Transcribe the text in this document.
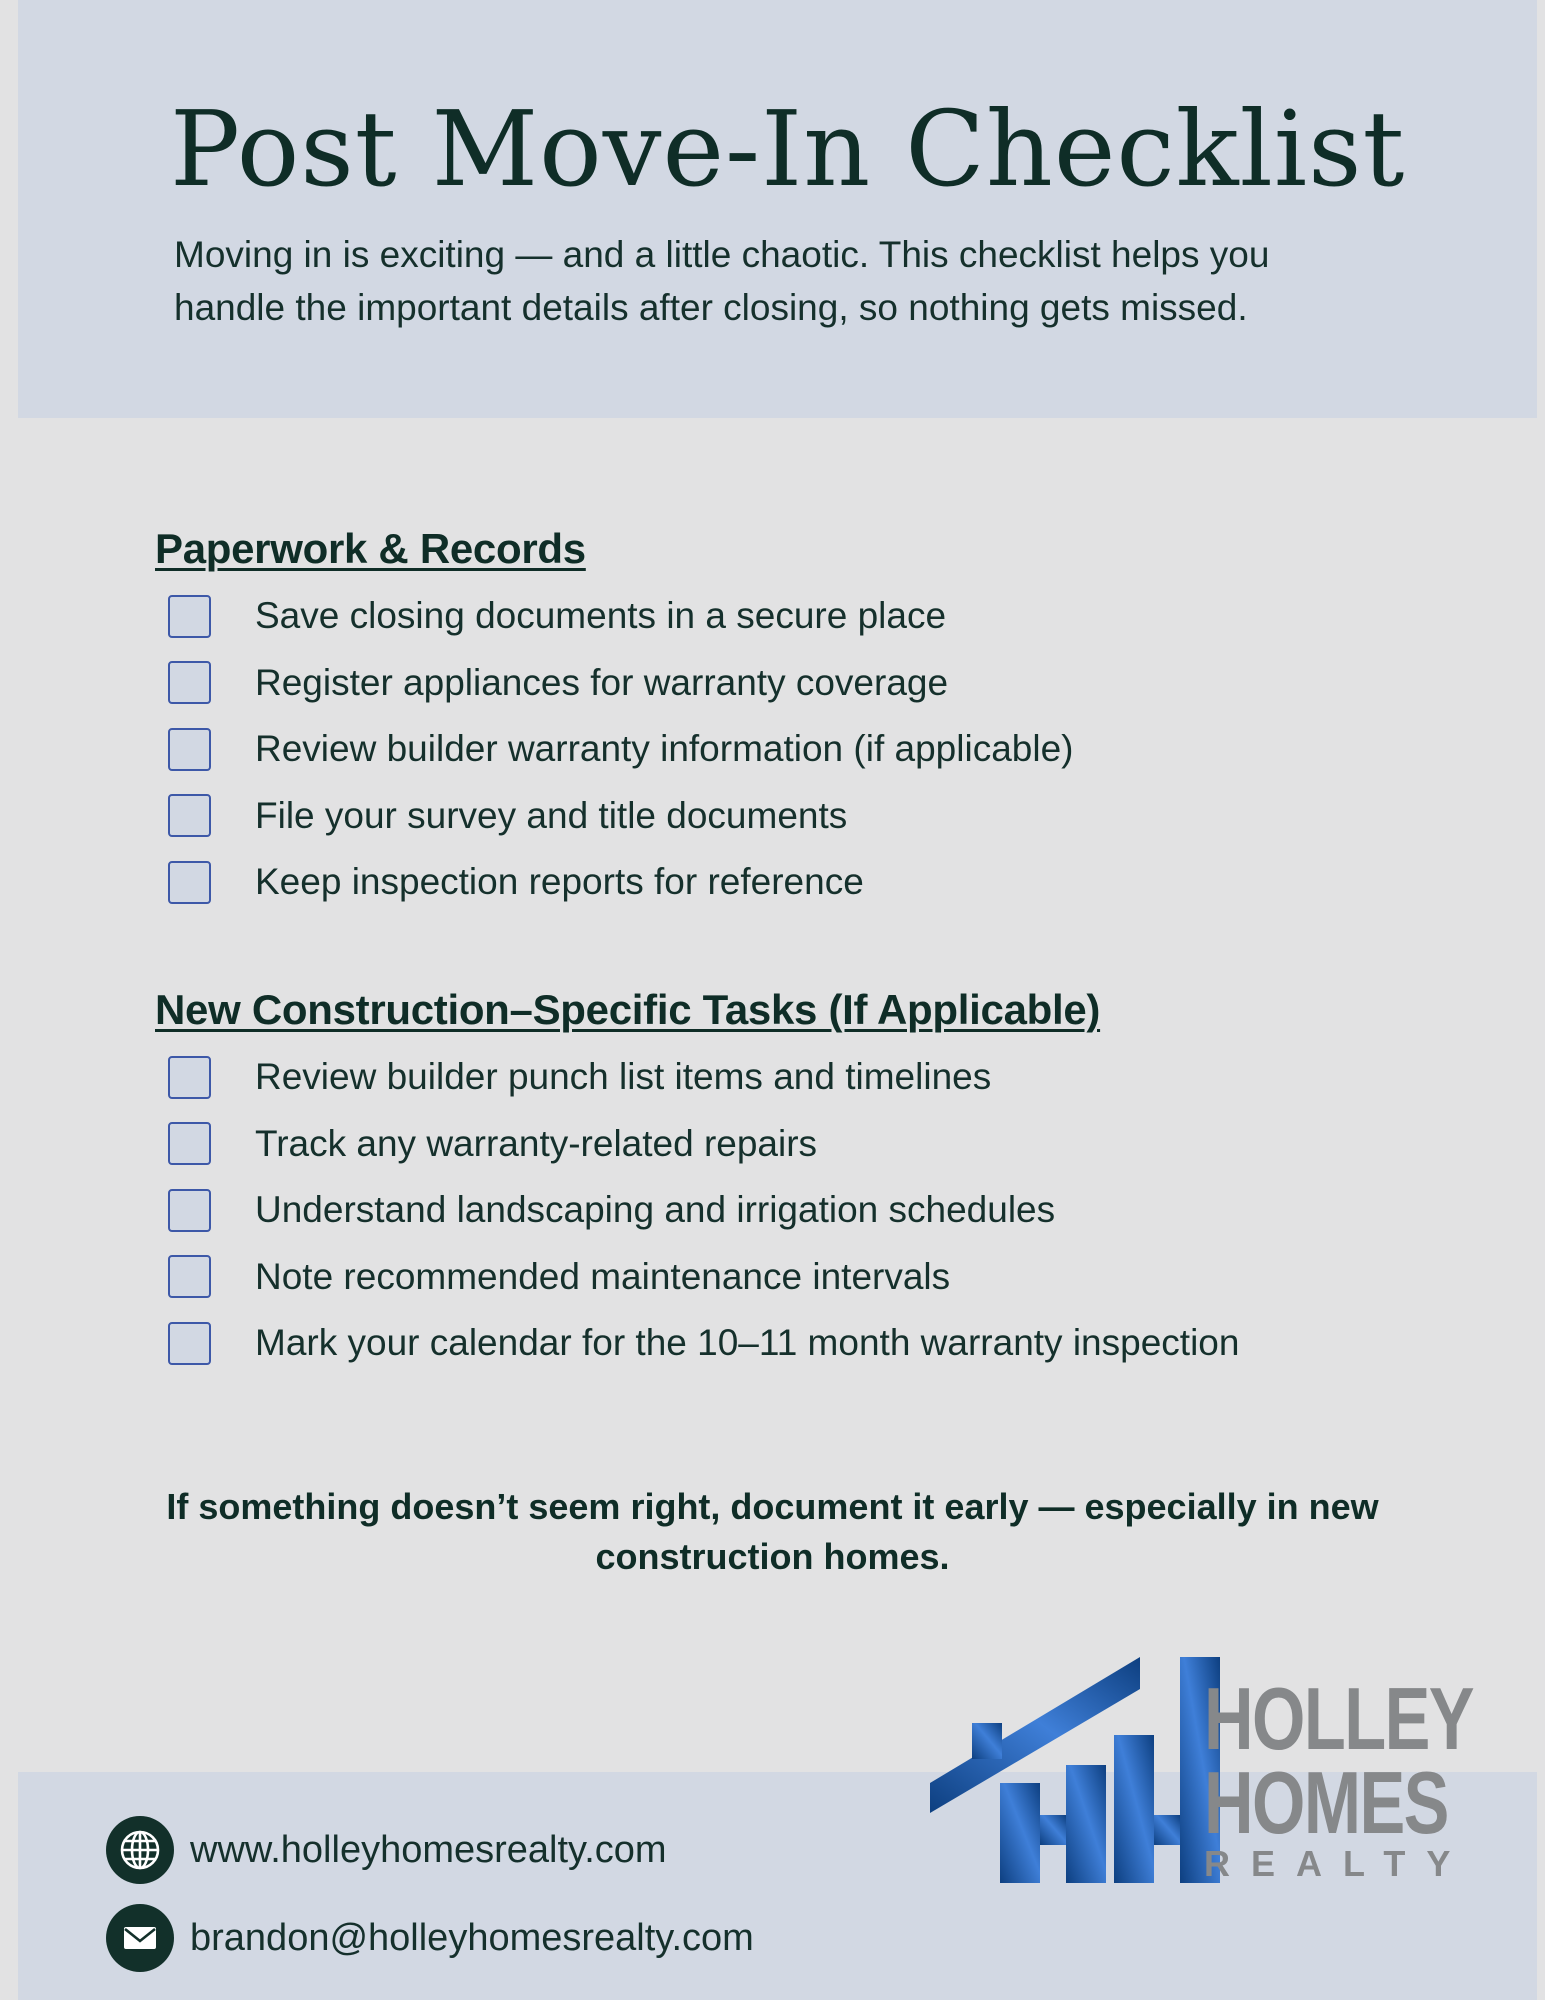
Post Move-In Checklist

Moving in is exciting — and a little chaotic. This checklist helps you handle the important details after closing, so nothing gets missed.

Paperwork & Records
Save closing documents in a secure place
Register appliances for warranty coverage
Review builder warranty information (if applicable)
File your survey and title documents
Keep inspection reports for reference
New Construction–Specific Tasks (If Applicable)
Review builder punch list items and timelines
Track any warranty-related repairs
Understand landscaping and irrigation schedules
Note recommended maintenance intervals
Mark your calendar for the 10–11 month warranty inspection

If something doesn’t seem right, document it early — especially in new construction homes.

www.holleyhomesrealty.com
brandon@holleyhomesrealty.com
HOLLEY
HOMES
REALTY
